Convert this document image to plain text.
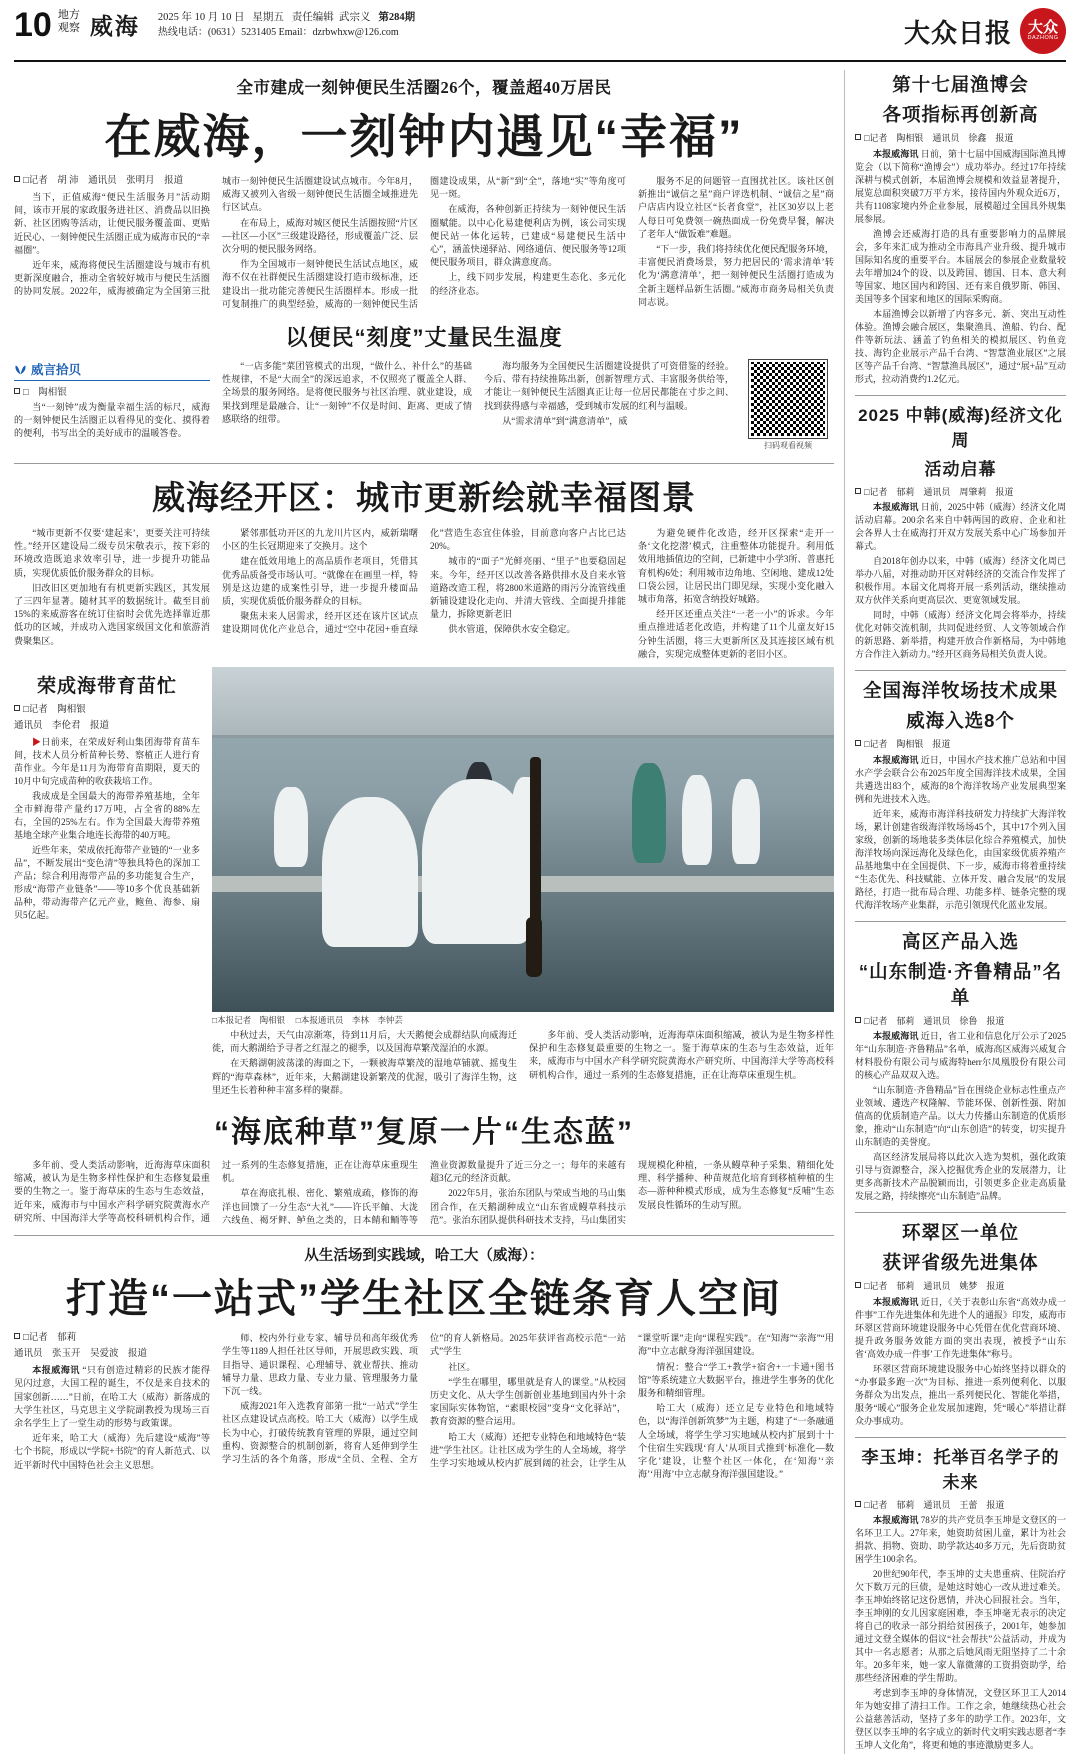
10 地方
观察 威海 2025 年 10 月 10 日 星期五 责任编辑 武宗义 第284期
热线电话：(0631）5231405 Email：dzrbwhxw@126.com	大众日报 大众
DAZHONG
全市建成一刻钟便民生活圈26个，覆盖超40万居民
在威海，一刻钟内遇见“幸福”
□记者　胡 沛　通讯员　张明月　报道

当下，正值威海“便民生活服务月”活动期间，该市开展的家政服务进社区、消费品以旧换新、社区团购等活动，让便民服务覆盖面、更贴近民心、一刻钟便民生活圈正成为威海市民的“幸福圈”。

近年来，威海将便民生活圈建设与城市有机更新深度融合，推动全省较好城市与便民生活圈的协同发展。2022年，威海被确定为全国第三批城市一刻钟便民生活圈建设试点城市。今年8月，威海又被列入省级一刻钟便民生活圈全域推进先行区试点。

在布局上，威海对城区便民生活圈按照“片区—社区—小区”三级建设路径，形成覆盖广泛、层次分明的便民服务网络。

作为全国城市一刻钟便民生活试点地区，威海不仅在社群便民生活圈建设打造市级标准，还建设出一批功能完善便民生活圈样本。形成一批可复制推广的典型经验，威海的一刻钟便民生活圈建设成果，从“新”到“全”，落地“实”等角度可见一斑。

在威海，各种创新正持续为一刻钟便民生活圈赋能。以中心化易建便利店为例，该公司实现便民站一体化运转，已建成“易建便民生活中心”，涵盖快递驿站、网络通信、便民服务等12项便民服务项目，群众满意度高。

上，线下同步发展，构建更生态化、多元化的经济业态。

服务不足的问题管一直围扰社区。该社区创新推出“诚信之星”商户评选机制、“诚信之星”商户店店内设立社区“长者食堂”，社区30岁以上老人每日可免费领一碗热面成一份免费早餐，解决了老年人“做饭难”难题。

“下一步，我们将持续优化便民配服务环境，丰富便民消费场景，努力把居民的‘需求清单’转化为‘满意清单’，把一刻钟便民生活圈打造成为全新主题样品新生活圈。”威海市商务局相关负责同志说。

以便民“刻度”丈量民生温度
威言拾贝
□　陶相银

当“一刻钟”成为衡量幸福生活的标尺，威海的一刻钟便民生活圈正以看得见的变化、摸得着的便利，书写出全的美好成市的温暖答卷。

扫码观看视频

“一店多能”菜团管模式的出现，“做什么、补什么”的基础性规律，不是“大而全”的深远追求，不仅照亮了覆盖全人群、全场景的服务网络。是将便民服务与社区治理、就业建设，成果找到理是最融合、让“一刻钟”不仅是时间、距离、更成了情感联络的纽带。

海均服务为全国便民生活圈建设提供了可资借鉴的经验。今后、带有持续推陈出新，创新智理方式、丰富服务供给等，才能让一刻钟便民生活圈真正让每一位居民都能在寸步之间、找到获得感与幸福感，受到城市发展的红利与温暖。

从“需求清单”到“满意清单”，威

威海经开区：城市更新绘就幸福图景

“城市更新不仅要‘建起来’，更要关注可持续性。”经开区建设局二级专员宋敬表示，按下彩的环境改造既追求效率引导，进一步提升功能品质，实现优质低价服务群众的目标。

旧改旧区更加地有有机更新实践区，其发展了三四年显著。随材其平的数据统计。截至目前15%的来威游客在统订住宿时会优先选择靠近那低功的区域，并成功入选国家级国文化和旅游消费聚集区。

紧邻那低功开区的九龙川片区内，威新瑞曙小区的生长冠期迎来了交换月。这个

建在低效用地上的高品质作老项目，凭借其优秀品质备受市场认可。“就像在在画里一样，特别是这边建的成案性引导，进一步提升楼面品质，实现优质低价服务群众的目标。

聚焦未来人居需求，经开区还在该片区试点建设期同优化产业总合，通过“空中花园+垂直绿化”营造生态宜住体验，目前意向客户占比已达20%。

城市的“面子”光鲜亮丽、“里子”也要稳固起来。今年，经开区以改善各路供排水及自来水管道路改造工程，将2800米道路的雨污分流管线重新铺设建设化走向、并清大管线、全面提升排能量力，拆除更新老旧

供水管道，保障供水安全稳定。

为避免硬件化改造，经开区探索“走开一条‘文化挖潜’模式，注重整体功能提升。利用低效用地插值边的空间，已新建中小学3所、普惠托育机构6处；利用城市边角地、空闲地、建成12处口袋公园，让居民出门即见绿，实现小变化融入城市角落，拓宽含纳投好城路。

经开区还重点关注“一老一小”的诉求。今年重点推进适老化改造，并构建了11个儿童友好15分钟生活圈，将三大更新所区及其连接区域有机融合，实现完成整体更新的老旧小区。

荣成海带育苗忙
□记者　陶相银
通讯员　李伦君　报道

▶日前来，在荣成好利山集团海带育苗车间，技术人员分析苗种长势、察植正人进行育苗作业。今年是11月为海带育苗期限，夏天的10月中旬完成苗种的收获栽培工作。

我成成是全国最大的海带养殖基地，全年全市鲜海带产量约17万吨，占全省的88%左右，全国的25%左右。作为全国最大海带养殖基地全球产业集合地连长海带的40万吨。

近些年来，荣成依托海带产业链的“一业多品”，不断发展出“变色清”等独具特色的深加工产品；综合利用海带产品的多功能复合生产，形成“海带产业链条”——等10多个优良基础新品种，带动海带产亿元产业，鲍鱼、海参、扇贝5亿起。

□本报记者　陶相银 □本报通讯员　李林　李钟芸

中秋过去，天气由凉渐寒，待到11月后，大天鹅便会成群结队向威海迁徙，而大鹅湖给予寻者之红湿之的褪季，以及国海草繁茂湿泊的水源。

在天鹅湖朝波荡漾的海面之下，一颗被海草繁茂的湿地草铺就、摇曳生辉的“海草森林”，近年来，大鹅湖建设新繁茂的优渥，吸引了海洋生物，这里还生长着种种丰富多样的聚群。

多年前、受人类活动影响，近海海草床面积缩减，被认为是生物多样性保护和生态修复最重要的生物之一。鉴于海草床的生态与生态效益，近年来，威海市与中国水产科学研究院黄海水产研究所、中国海洋大学等高校科研机构合作，通过一系列的生态修复措施，正在让海草床重现生机。

“海底种草”复原一片“生态蓝”

多年前、受人类活动影响，近海海草床面积缩减，被认为是生物多样性保护和生态修复最重要的生物之一。鉴于海草床的生态与生态效益，近年来，威海市与中国水产科学研究院黄海水产研究所、中国海洋大学等高校科研机构合作，通过一系列的生态修复措施，正在让海草床重现生机。

草在海底扎根、密化、繁殖成疏，修饰的海洋也回馈了一分生态“大礼”——许氏平鲉、大泷六线鱼、褐牙鲆、鲈鱼之类的，日本鲭和鲕等等渔业资源数量提升了近三分之一；每年的来越有超3亿元的经济贡献。

2022年5月，张治东团队与荣成当地的马山集团合作，在天鹅湖种成立“山东省成鳗草科技示范”。张治东团队提供科研技术支持，马山集团实现规模化种植，一条从鳗草种子采集、精细化处理、科学播种、种苗规范化培育到移植种植的生态—游种种模式形成，成为生态修复“反哺”生态发展良性循环的生动写照。

从生活场到实践域，哈工大（威海）：
打造“一站式”学生社区全链条育人空间
□记者　郁莉
通讯员　张玉开　吴爱波　报道

本报威海讯 “只有创造过精彩的民族才能得见闪过意，大国工程的诞生，不仅是来自技术的国家创新……”日前，在哈工大（威海）新落成的大学生社区，马克思主义学院副教授为现场三百余名学生上了一堂生动的形势与政策课。

近年来，哈工大（威海）先后建设“威海”等七个书院，形成以“学院+书院”的育人新范式、以近平新时代中国特色社会主义思想。

师、校内外行业专家、辅导员和高年级优秀学生等1189人担任社区导师，开展思政实践、项目指导、通识课程、心理辅导、就业帮扶、推动辅导力量、思政力量、专业力量、管理服务力量下沉一线。

威海2021年入选教育部第一批“一站式”学生社区点建设试点高校。哈工大（威海）以学生成长为中心，打破传统教育管理的界限，通过空间重构、资源整合的机制创新，将育人延伸到学生学习生活的各个角落，形成“全员、全程、全方位”的育人新格局。2025年获评省高校示范“一站式”学生

社区。

“学生在哪里，哪里就是育人的课堂。”从校园历史文化、从大学生创新创业基地到国内外十余家国际实体物馆，“素眼校园”变身“文化驿站”，教育资源的整合运用。

哈工大（威海）还把专业特色和地域特色“装进”学生社区。让社区成为学生的人全场域，将学生学习实地域从校内扩展到阔的社会，让学生从“课堂听课”走向“课程实践”。在“知海”“亲海”“用海”中立志献身海洋强国建设。

情祝：整合“学工+教学+宿舍+一卡通+图书馆”等系统建立大数据平台，推进学生事务的优化服务和精细管理。

哈工大（威海）还立足专业特色和地域特色，以“海洋创新筑梦”为主题，构建了“一条融通人全场域，将学生学习实地域从校内扩展到十十个住宿生实践现‘育人’从项目式推到‘标准化—数字化’建设，让整个社区一体化，在‘知海’‘亲海’‘用海’中立志献身海洋强国建设。”

第十七届渔博会
各项指标再创新高
□记者　陶相银　通讯员　徐鑫　报道

本报威海讯 日前，第十七届中国威海国际渔具博览会（以下简称“渔博会”）成功举办。经过17年持续深耕与模式创新，本届渔博会规模和效益显著提升，展览总面积突破7万平方米，接待国内外观众近6万，共有1108家境内外企业参展，展模超过全国具外规集展参展。

渔博会还威海打造的具有重要影响力的品牌展会，多年来汇成为推动全市海具产业升级、提升城市国际知名度的重要平台。本届展会的参展企业数量较去年增加24个的设、以及跨国、德国、日本、意大利等国家、地区国内和跨国、还有来自俄罗斯、韩国、美国等多个国家和地区的国际采购商。

本届渔博会以新增了内容多元、新、突出互动性体验。渔博会融合展区，集聚渔具、渔船、钓台、配件等新玩法、涵盖了钓鱼相关的模拟展区、钓鱼竞技、海钓企业展示产品千台湾、“智慧渔业展区”之展区等产品千台湾、“智慧渔具展区”，通过“展+品”互动形式，拉动消费约1.2亿元。

2025 中韩(威海)经济文化周
活动启幕
□记者　郁莉　通讯员　周肇莉　报道

本报威海讯 日前，2025中韩（威海）经济文化周活动启幕。200余名来自中韩两国的政府、企业和社会各界人士在威海打开双方发展关系中心广场参加开幕式。

自2018年创办以来，中韩（威海）经济文化周已举办八届，对推动助开区对韩经济的交流合作发挥了积极作用。本届文化周将开展一系列活动，继续推动双方伙伴关系向更高层次、更宽领域发展。

同时，中韩（威海）经济文化周会将举办，持续优化对韩交流机制，共同促进经贸、人文等领域合作的新思路、新举措，构建开放合作新格局，为中韩地方合作注入新动力。”经开区商务局相关负责人说。

全国海洋牧场技术成果
威海入选8个
□记者　陶相银　报道

本报威海讯 近日，中国水产技术推广总站和中国水产学会联合公布2025年度全国海洋技术成果，全国共遴选出83个，威海的8个海洋牧场产业发展典型案例和先进技术入选。

近年来，威海市海洋科技研发力持续扩大海洋牧场，累计创建省级海洋牧场场45个，其中17个列入国家级，创新的场地装多类体层化综合养殖模式，加快海洋牧场向深远海化及绿色化，由国家级优质养殖产品基地集中在全国提供、下一步，威海市将着重持续“生态优先、科技赋能、立体开发、融合发展”的发展路径，打造一批布局合理、功能多样、链条完整的现代海洋牧场产业集群，示范引领现代化蓝业发展。

高区产品入选
“山东制造·齐鲁精品”名单
□记者　郁莉　通讯员　徐鲁　报道

本报威海讯 近日，省工业和信息化厅公示了2025年“山东制造·齐鲁精品”名单，威海高区威海兴威复合材料股份有限公司与威海特herr尔凤凰股份有限公司的核心产品双双入选。

“山东制造·齐鲁精品”旨在围绕企业标志性重点产业领域、遴选产权隆解、节能环保、创新性强、附加值高的优质制造产品。以大力传播山东制造的优质形象，推动“山东制造”向“山东创造”的转变，切实提升山东制造的美誉度。

高区经济发展局将以此次入选为契机，强化政策引导与资源整合，深入挖掘优秀企业的发展潜力，让更多高新技术产品脱颖而出，引领更多企业走高质量发展之路，持续擦亮“山东制造”品牌。

环翠区一单位
获评省级先进集体
□记者　郁莉　通讯员　姚梦　报道

本报威海讯 近日，《关于表彰山东省“高效办成一件事”工作先进集体和先进个人的通报》印发，威海市环翠区营商环境建设服务中心凭借在优化营商环境、提升政务服务效能方面的突出表现，被授予“山东省‘高效办成一件事’工作先进集体”称号。

环翠区营商环境建设服务中心始终坚持以群众的“办事最多跑一次”为目标、推进一系列便利化、以服务群众为出发点，推出一系列便民化、智能化举措，服务“暖心”服务企业发展加速跑，凭“暖心”举措让群众办事成功。

李玉坤：托举百名学子的未来
□记者　郁莉　通讯员　王蕾　报道

本报威海讯 78岁的共产党员李玉坤是文登区的一名环卫工人。27年来，她资助贫困儿童，累计为社会捐款、捐物、资助、助学款达40多万元，先后资助贫困学生100余名。

20世纪90年代，李玉坤的丈夫患重病、住院治疗欠下数万元的巨债，是她这时她心一改从进过难关。李玉坤始终铭记这份恩情，并决心回报社会。当年，李玉坤刚的女儿因家庭困难，李玉坤毫无表示的决定将自己的收录一部分捐给贫困孩子，2001年，她参加通过文登全媒体的倡议“社会帮扶”公益活动，并成为其中一名志愿者；从那之后她风雨无阻坚持了二十余年。20多年来，她一家人靠微薄的工资捐资助学，给那些经济困难的学生帮助。

考虑到李玉坤的身体情况，文登区环卫工人2014年为她安排了清扫工作。工作之余，她继续热心社会公益慈善活动，坚持了多年的助学工作。2023年，文登区以李玉坤的名字成立的新时代文明实践志愿者“李玉坤人文化角”，将更和她的事迹激励更多人。
